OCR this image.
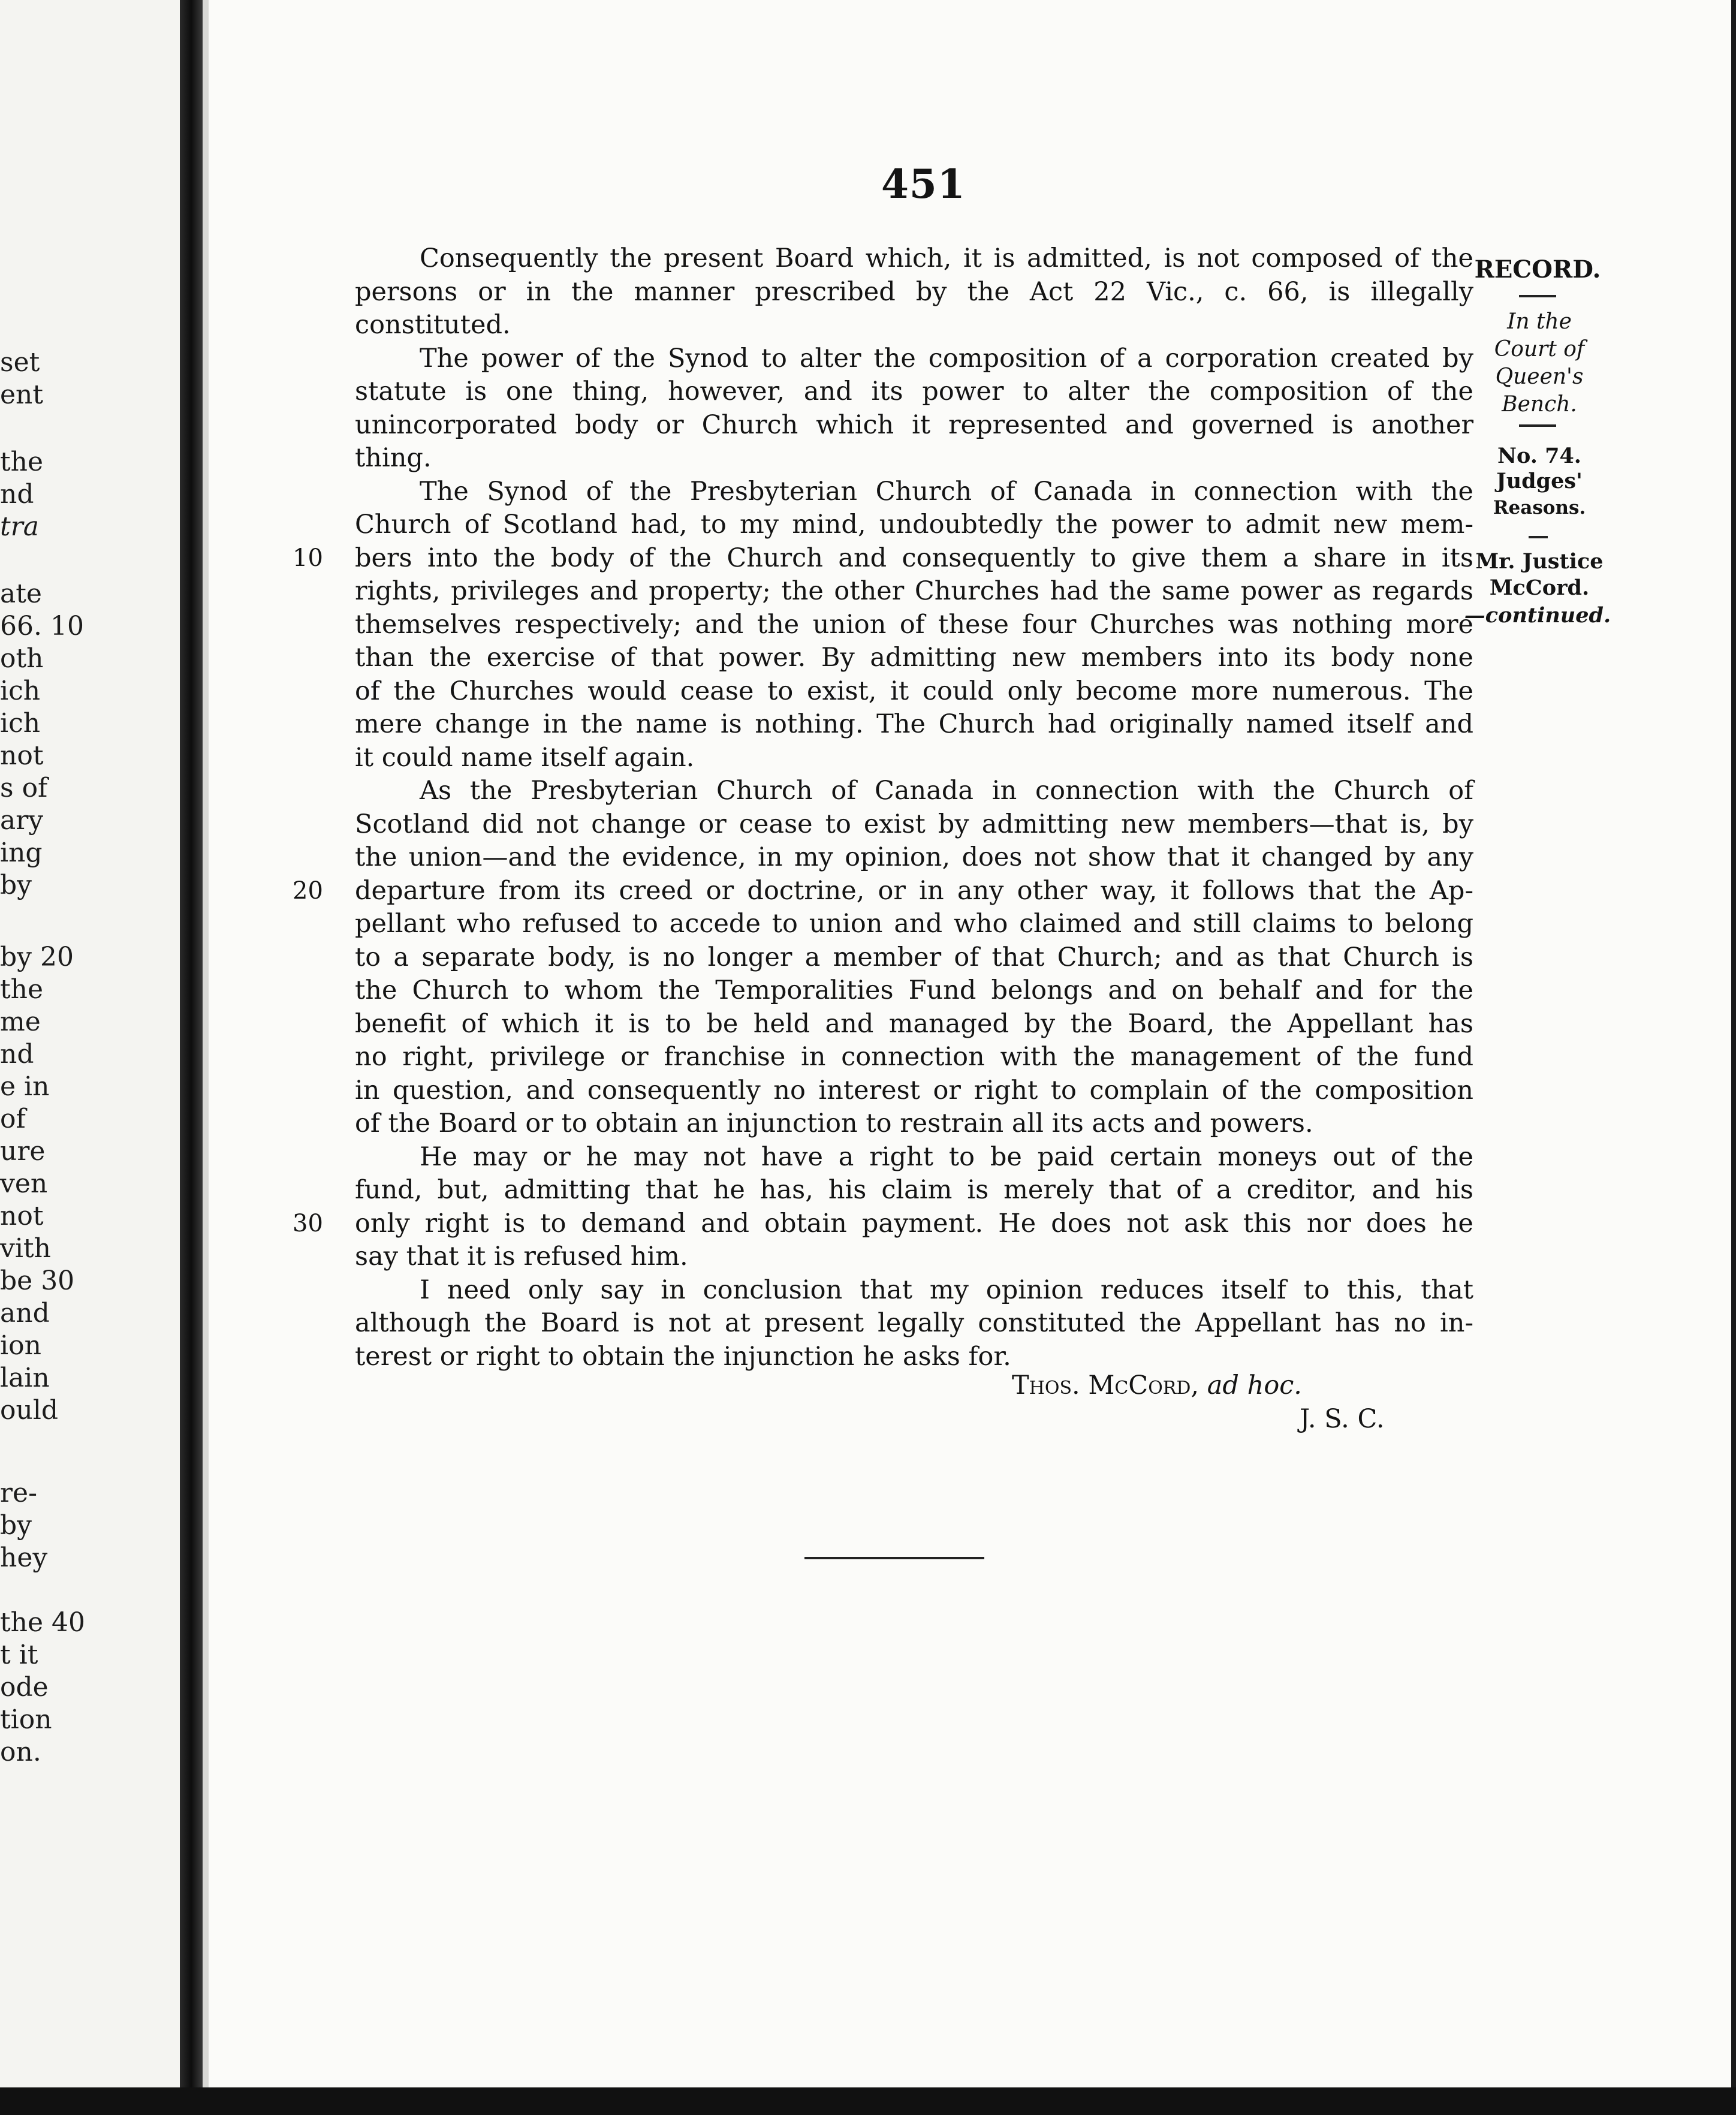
set
ent
the
nd
tra
ate
66. 10
oth
ich
ich
not
s of
ary
ing
by
by 20
the
me
nd
e in
of
ure
ven
not
vith
be 30
and
ion
lain
ould
re-
by
hey
the 40
t it
ode
tion
on.
451
Consequently the present Board which, it is admitted, is not composed of the
persons or in the manner prescribed by the Act 22 Vic., c. 66, is illegally
constituted.
The power of the Synod to alter the composition of a corporation created by
statute is one thing, however, and its power to alter the composition of the
unincorporated body or Church which it represented and governed is another
thing.
The Synod of the Presbyterian Church of Canada in connection with the
Church of Scotland had, to my mind, undoubtedly the power to admit new mem-
bers into the body of the Church and consequently to give them a share in its
rights, privileges and property; the other Churches had the same power as regards
themselves respectively; and the union of these four Churches was nothing more
than the exercise of that power. By admitting new members into its body none
of the Churches would cease to exist, it could only become more numerous. The
mere change in the name is nothing. The Church had originally named itself and
it could name itself again.
As the Presbyterian Church of Canada in connection with the Church of
Scotland did not change or cease to exist by admitting new members—that is, by
the union—and the evidence, in my opinion, does not show that it changed by any
departure from its creed or doctrine, or in any other way, it follows that the Ap-
pellant who refused to accede to union and who claimed and still claims to belong
to a separate body, is no longer a member of that Church; and as that Church is
the Church to whom the Temporalities Fund belongs and on behalf and for the
benefit of which it is to be held and managed by the Board, the Appellant has
no right, privilege or franchise in connection with the management of the fund
in question, and consequently no interest or right to complain of the composition
of the Board or to obtain an injunction to restrain all its acts and powers.
He may or he may not have a right to be paid certain moneys out of the
fund, but, admitting that he has, his claim is merely that of a creditor, and his
only right is to demand and obtain payment. He does not ask this nor does he
say that it is refused him.
I need only say in conclusion that my opinion reduces itself to this, that
although the Board is not at present legally constituted the Appellant has no in-
terest or right to obtain the injunction he asks for.
10
20
30
Thos. McCord, ad hoc.
J. S. C.
RECORD.
In the
Court of
Queen's
Bench.
No. 74.
Judges'
Reasons.
Mr. Justice
McCord.
—continued.
